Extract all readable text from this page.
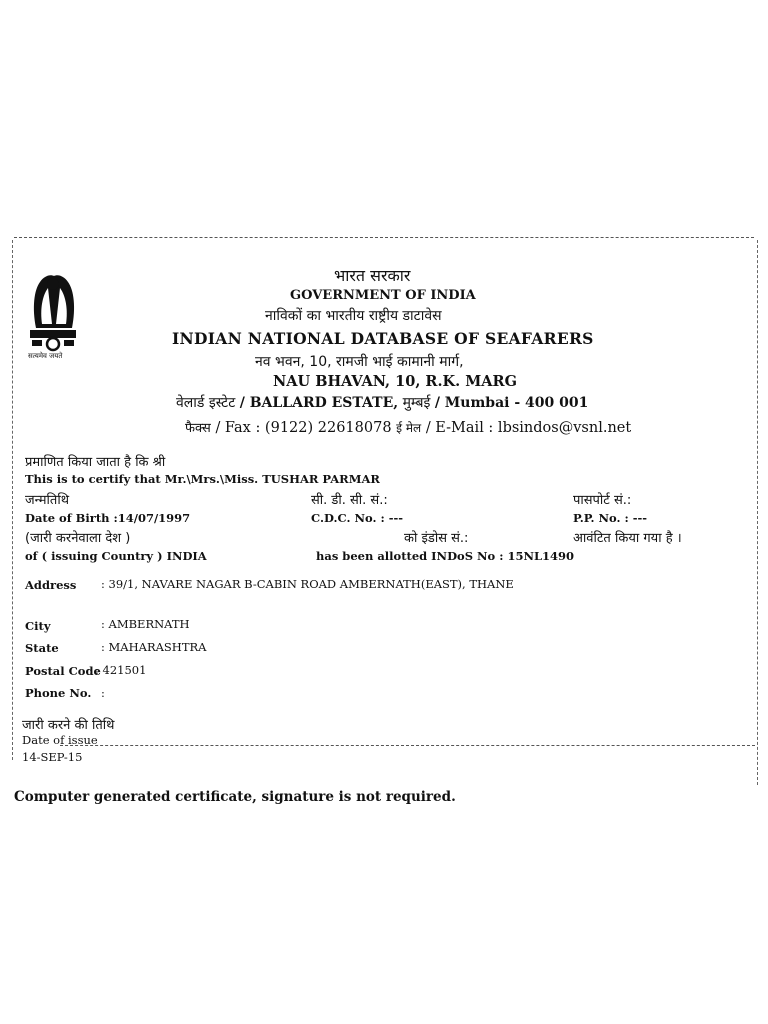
सत्यमेव जयते
भारत सरकार
GOVERNMENT OF INDIA
नाविकों का भारतीय राष्ट्रीय डाटावेस
INDIAN NATIONAL DATABASE OF SEAFARERS
नव भवन, 10, रामजी भाई कामानी मार्ग,
NAU BHAVAN, 10, R.K. MARG
वेलार्ड इस्टेट / BALLARD ESTATE, मुम्बई / Mumbai - 400 001
फैक्स / Fax : (9122) 22618078 ई मेल / E-Mail : lbsindos@vsnl.net
प्रमाणित किया जाता है कि श्री
This is to certify that Mr.\Mrs.\Miss. TUSHAR PARMAR
जन्मतिथि
Date of Birth :14/07/1997
सी. डी. सी. सं.:
C.D.C. No. : ---
पासपोर्ट सं.:
P.P. No. : ---
(जारी करनेवाला देश )
of ( issuing Country ) INDIA
को इंडोस सं.:
has been allotted INDoS No : 15NL1490
आवंटित किया गया है ।
Address : 39/1, NAVARE NAGAR B-CABIN ROAD AMBERNATH(EAST), THANE
City	: AMBERNATH
State	: MAHARASHTRA
Postal Code
: 421501
Phone No. :
जारी करने की तिथि
Date of issue
14-SEP-15
Computer generated certificate, signature is not required.
